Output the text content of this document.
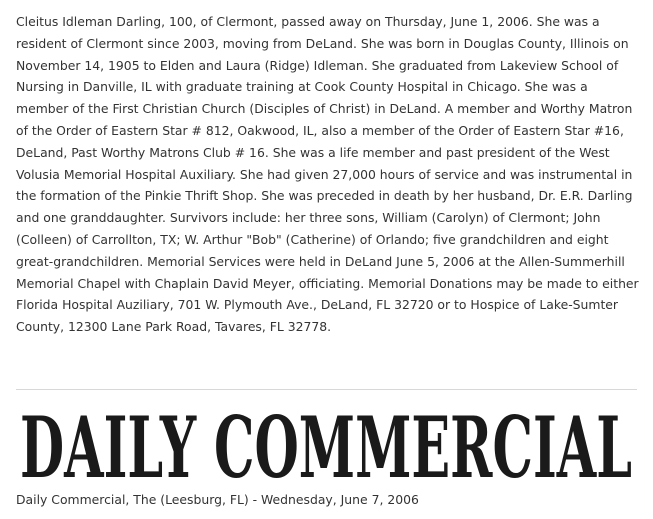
Cleitus Idleman Darling, 100, of Clermont, passed away on Thursday, June 1, 2006. She was a resident of Clermont since 2003, moving from DeLand. She was born in Douglas County, Illinois on November 14, 1905 to Elden and Laura (Ridge) Idleman. She graduated from Lakeview School of Nursing in Danville, IL with graduate training at Cook County Hospital in Chicago. She was a member of the First Christian Church (Disciples of Christ) in DeLand. A member and Worthy Matron of the Order of Eastern Star # 812, Oakwood, IL, also a member of the Order of Eastern Star #16, DeLand, Past Worthy Matrons Club # 16. She was a life member and past president of the West Volusia Memorial Hospital Auxiliary. She had given 27,000 hours of service and was instrumental in the formation of the Pinkie Thrift Shop. She was preceded in death by her husband, Dr. E.R. Darling and one granddaughter. Survivors include: her three sons, William (Carolyn) of Clermont; John (Colleen) of Carrollton, TX; W. Arthur "Bob" (Catherine) of Orlando; five grandchildren and eight great-grandchildren. Memorial Services were held in DeLand June 5, 2006 at the Allen-Summerhill Memorial Chapel with Chaplain David Meyer, officiating. Memorial Donations may be made to either Florida Hospital Auziliary, 701 W. Plymouth Ave., DeLand, FL 32720 or to Hospice of Lake-Sumter County, 12300 Lane Park Road, Tavares, FL 32778.

DAILY COMMERCIAL

Daily Commercial, The (Leesburg, FL) - Wednesday, June 7, 2006
